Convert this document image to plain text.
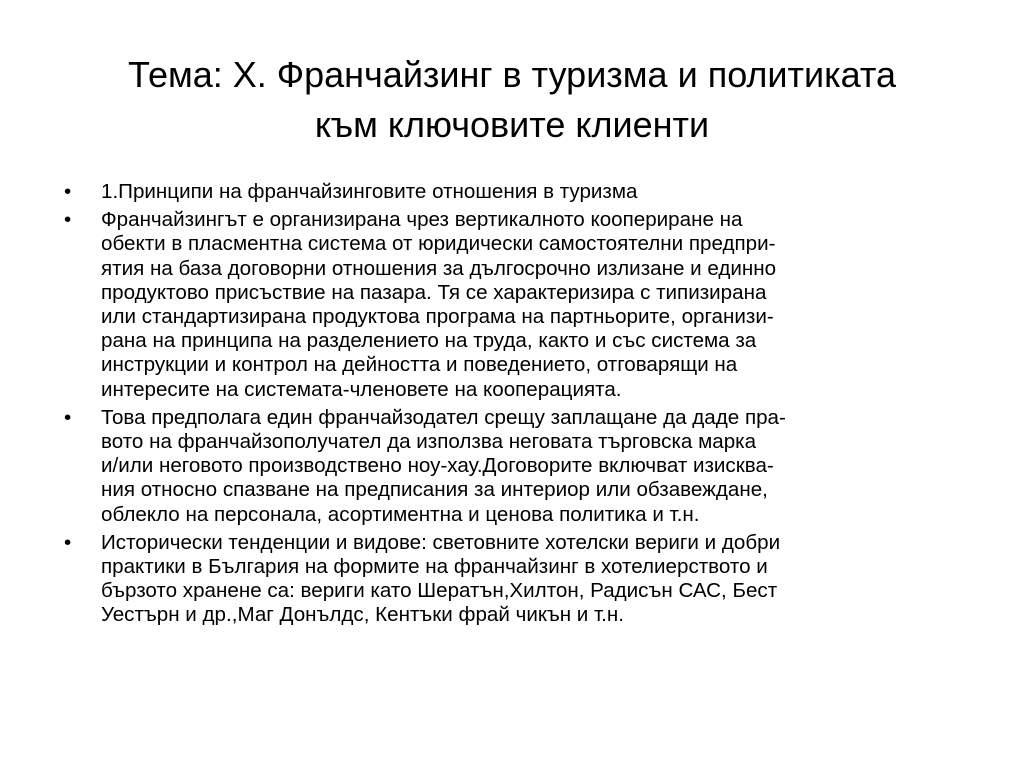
Тема: Х. Франчайзинг в туризма и политиката
към ключовите клиенти
• 1.Принципи на франчайзинговите отношения в туризма
• Франчайзингът е организирана чрез вертикалното коопериране на
обекти в пласментна система от юридически самостоятелни предпри-
ятия на база договорни отношения за дългосрочно излизане и единно
продуктово присъствие на пазара. Тя се характеризира с типизирана
или стандартизирана продуктова програма на партньорите, организи-
рана на принципа на разделението на труда, както и със система за
инструкции и контрол на дейността и поведението, отговарящи на
интересите на системата-членовете на кооперацията.
• Това предполага един франчайзодател срещу заплащане да даде пра-
вото на франчайзополучател да използва неговата търговска марка
и/или неговото производствено ноу-хау.Договорите включват изисква-
ния относно спазване на предписания за интериор или обзавеждане,
облекло на персонала, асортиментна и ценова политика и т.н.
• Исторически тенденции и видове: световните хотелски вериги и добри
практики в България на формите на франчайзинг в хотелиерството и
бързото хранене са: вериги като Шератън,Хилтон, Радисън САС, Бест
Уестърн и др.,Маг Донълдс, Кентъки фрай чикън и т.н.
